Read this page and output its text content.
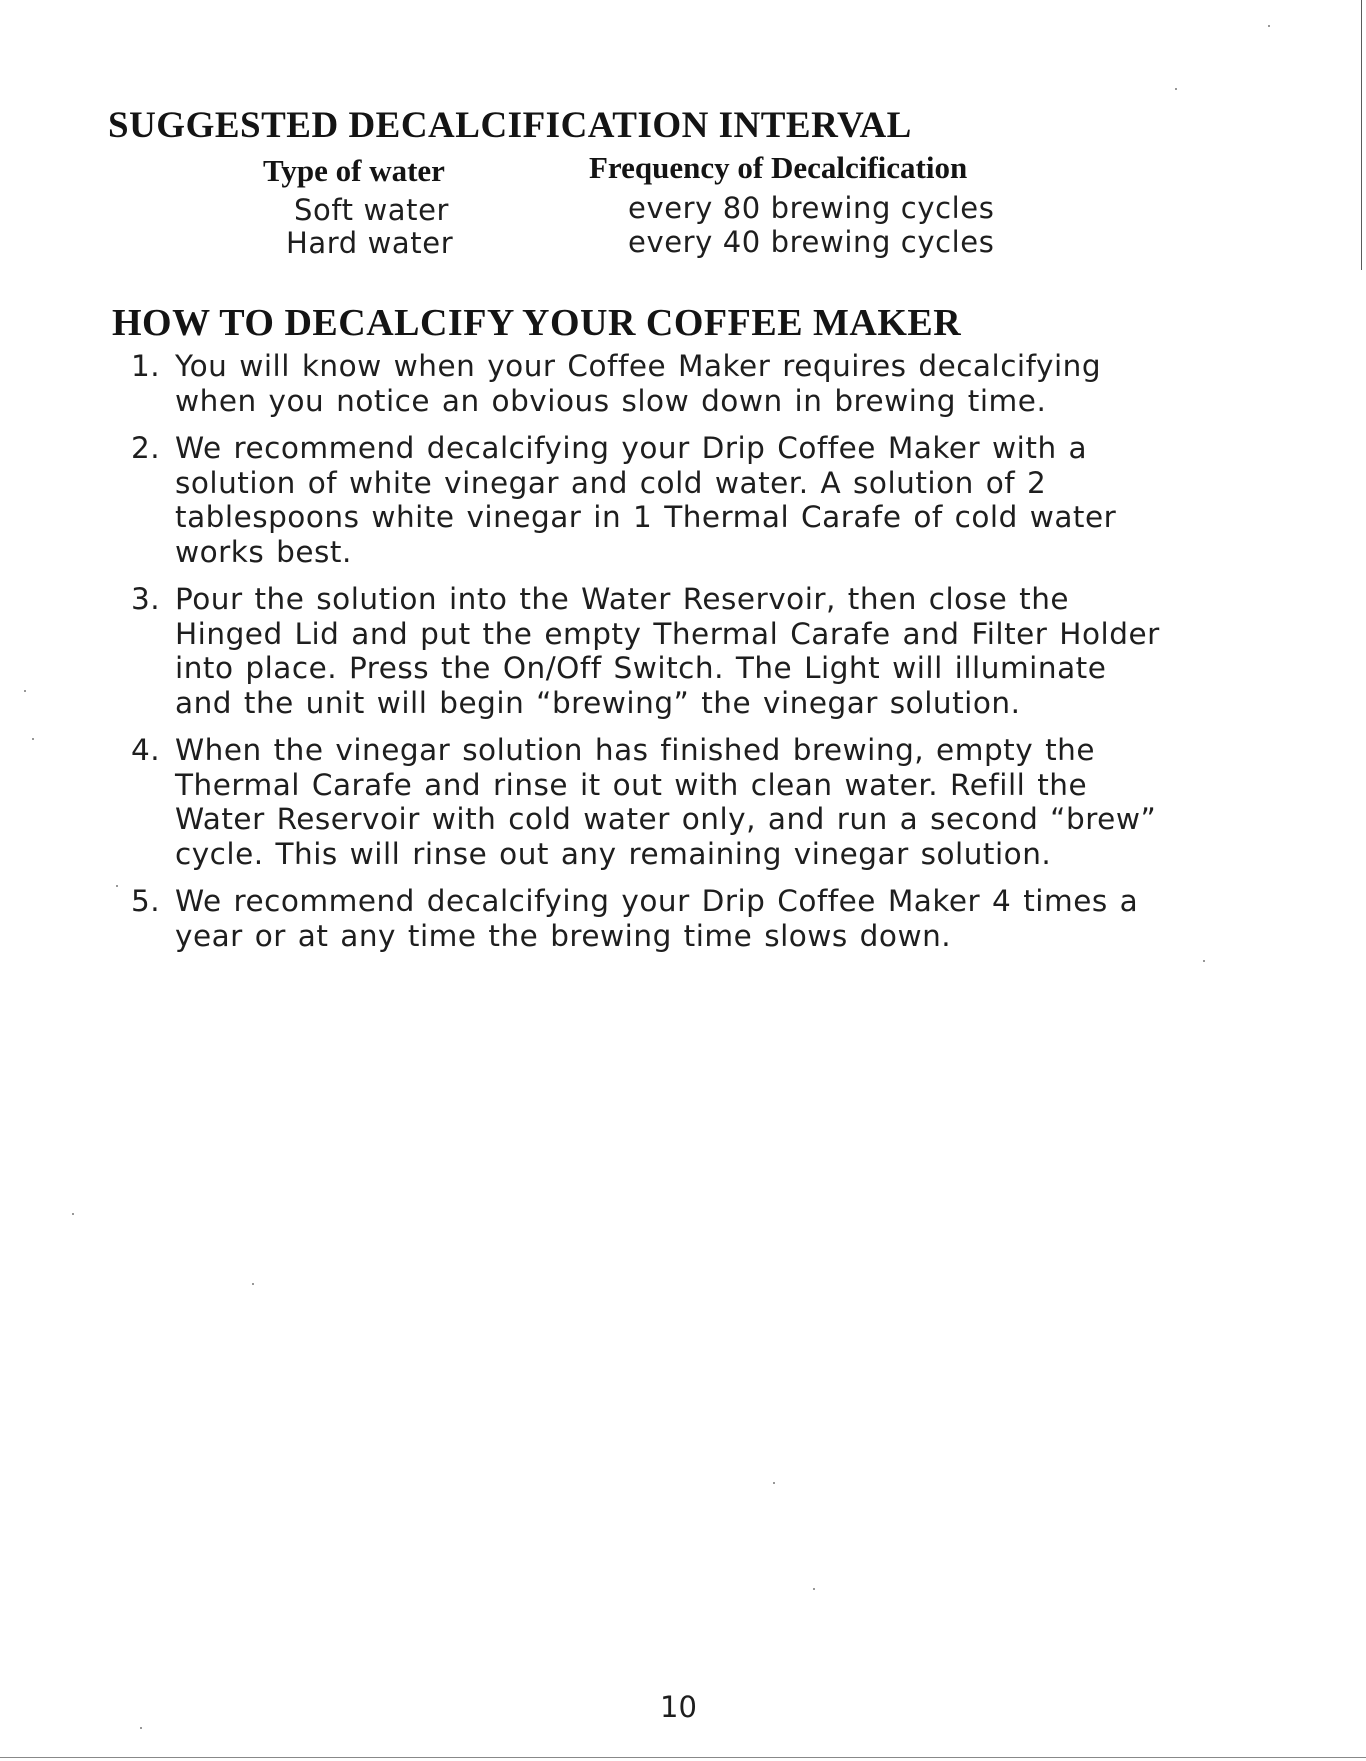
SUGGESTED DECALCIFICATION INTERVAL
Type of water	Frequency of Decalcification
Soft water	every 80 brewing cycles
Hard water	every 40 brewing cycles
HOW TO DECALCIFY YOUR COFFEE MAKER
1. You will know when your Coffee Maker requires decalcifying
when you notice an obvious slow down in brewing time.
2. We recommend decalcifying your Drip Coffee Maker with a
solution of white vinegar and cold water. A solution of 2
tablespoons white vinegar in 1 Thermal Carafe of cold water
works best.
3. Pour the solution into the Water Reservoir, then close the
Hinged Lid and put the empty Thermal Carafe and Filter Holder
into place. Press the On/Off Switch. The Light will illuminate
and the unit will begin “brewing” the vinegar solution.
4. When the vinegar solution has finished brewing, empty the
Thermal Carafe and rinse it out with clean water. Refill the
Water Reservoir with cold water only, and run a second “brew”
cycle. This will rinse out any remaining vinegar solution.
5. We recommend decalcifying your Drip Coffee Maker 4 times a
year or at any time the brewing time slows down.
10
